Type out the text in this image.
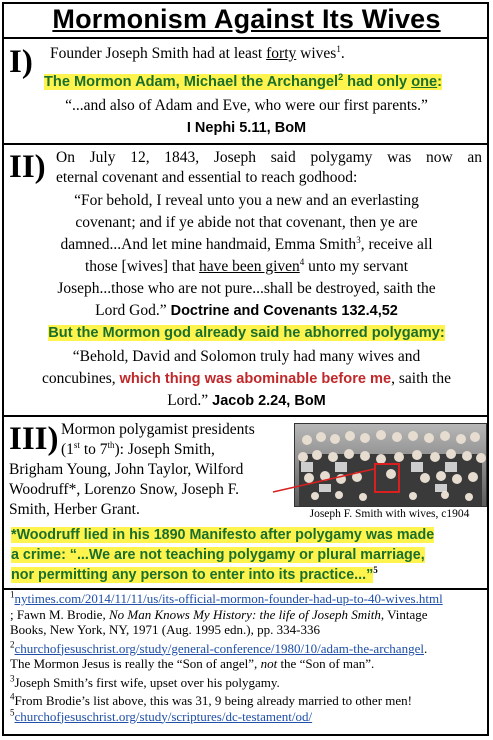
Mormonism Against Its Wives
I) Founder Joseph Smith had at least forty wives$^1$.
The Mormon Adam, Michael the Archangel$^2$ had only one:
“...and also of Adam and Eve, who were our first parents.”
I Nephi 5.11, BoM
II) On July 12, 1843, Joseph said polygamy was now an
eternal covenant and essential to reach godhood:
“For behold, I reveal unto you a new and an everlasting
covenant; and if ye abide not that covenant, then ye are
damned...And let mine handmaid, Emma Smith$^3$, receive all
those [wives] that have been given$^4$ unto my servant
Joseph...those who are not pure...shall be destroyed, saith the
Lord God.” Doctrine and Covenants 132.4,52
But the Mormon god already said he abhorred polygamy:
“Behold, David and Solomon truly had many wives and
concubines, which thing was abominable before me, saith the
Lord.” Jacob 2.24, BoM
III) Mormon polygamist presidents
(1st to 7th): Joseph Smith,
Brigham Young, John Taylor, Wilford
Woodruff*, Lorenzo Snow, Joseph F.
Smith, Herber Grant.	Joseph F. Smith with wives, c1904
*Woodruff lied in his 1890 Manifesto after polygamy was made
a crime: “...We are not teaching polygamy or plural marriage,
nor permitting any person to enter into its practice...”$^5$
$^1$nytimes.com/2014/11/11/us/its-official-mormon-founder-had-up-to-40-wives.html
; Fawn M. Brodie, No Man Knows My History: the life of Joseph Smith, Vintage
Books, New York, NY, 1971 (Aug. 1995 edn.), pp. 334-336
$^2$churchofjesuschrist.org/study/general-conference/1980/10/adam-the-archangel.
The Mormon Jesus is really the “Son of angel”, not the “Son of man”.
$^3$Joseph Smith’s first wife, upset over his polygamy.
$^4$From Brodie’s list above, this was 31, 9 being already married to other men!
$^5$churchofjesuschrist.org/study/scriptures/dc-testament/od/
